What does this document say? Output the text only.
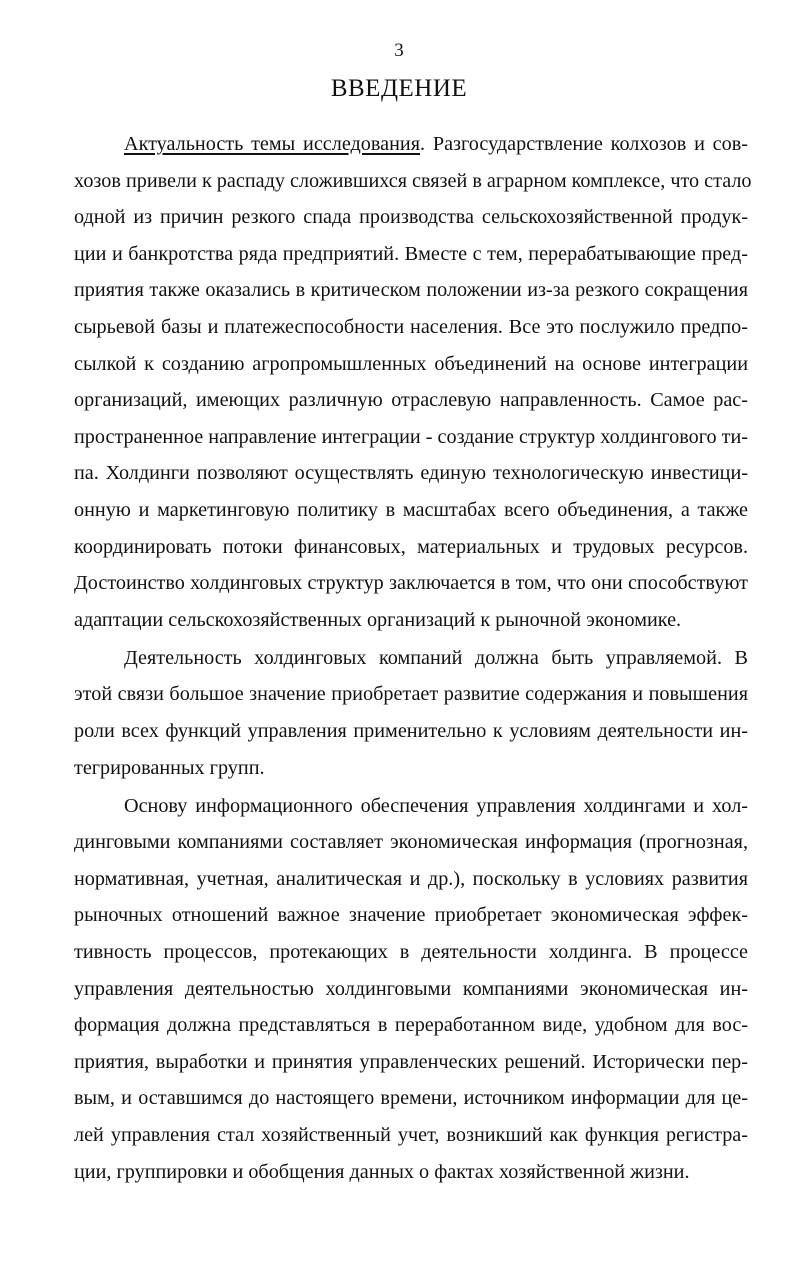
3
ВВЕДЕНИЕ
Актуальность темы исследования. Разгосударствление колхозов и сов-
хозов привели к распаду сложившихся связей в аграрном комплексе, что стало
одной из причин резкого спада производства сельскохозяйственной продук-
ции и банкротства ряда предприятий. Вместе с тем, перерабатывающие пред-
приятия также оказались в критическом положении из-за резкого сокращения
сырьевой базы и платежеспособности населения. Все это послужило предпо-
сылкой к созданию агропромышленных объединений на основе интеграции
организаций, имеющих различную отраслевую направленность. Самое рас-
пространенное направление интеграции - создание структур холдингового ти-
па. Холдинги позволяют осуществлять единую технологическую инвестици-
онную и маркетинговую политику в масштабах всего объединения, а также
координировать потоки финансовых, материальных и трудовых ресурсов.
Достоинство холдинговых структур заключается в том, что они способствуют
адаптации сельскохозяйственных организаций к рыночной экономике.
Деятельность холдинговых компаний должна быть управляемой. В
этой связи большое значение приобретает развитие содержания и повышения
роли всех функций управления применительно к условиям деятельности ин-
тегрированных групп.
Основу информационного обеспечения управления холдингами и хол-
динговыми компаниями составляет экономическая информация (прогнозная,
нормативная, учетная, аналитическая и др.), поскольку в условиях развития
рыночных отношений важное значение приобретает экономическая эффек-
тивность процессов, протекающих в деятельности холдинга. В процессе
управления деятельностью холдинговыми компаниями экономическая ин-
формация должна представляться в переработанном виде, удобном для вос-
приятия, выработки и принятия управленческих решений. Исторически пер-
вым, и оставшимся до настоящего времени, источником информации для це-
лей управления стал хозяйственный учет, возникший как функция регистра-
ции, группировки и обобщения данных о фактах хозяйственной жизни.
